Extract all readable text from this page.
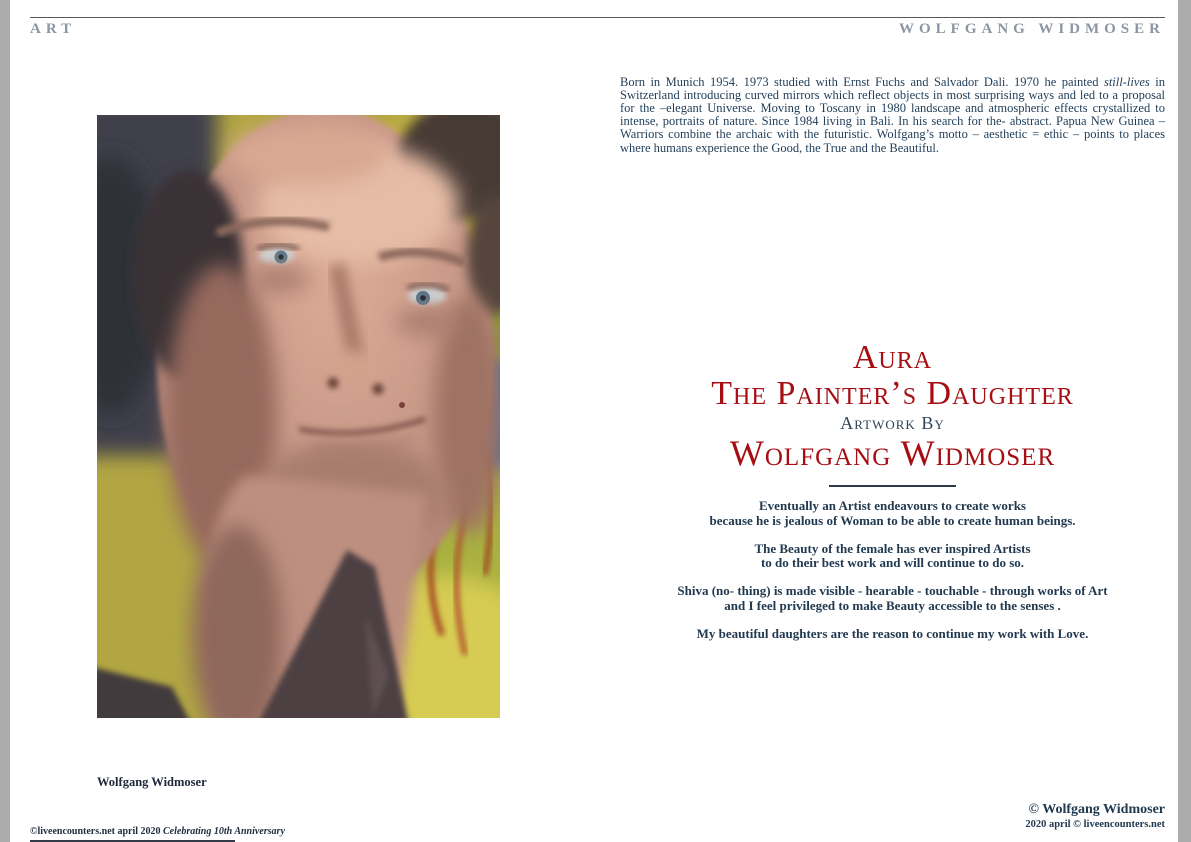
ART	WOLFGANG WIDMOSER
Wolfgang Widmoser

Born in Munich 1954. 1973 studied with Ernst Fuchs and Salvador Dali. 1970 he painted still-lives in Switzerland introducing curved mirrors which reflect objects in most surprising ways and led to a proposal for the –elegant Universe. Moving to Toscany in 1980 landscape and atmospheric effects crystallized to intense, portraits of nature. Since 1984 living in Bali. In his search for the- abstract. Papua New Guinea – Warriors combine the archaic with the futuristic. Wolfgang’s motto – aesthetic = ethic – points to places where humans experience the Good, the True and the Beautiful.

Aura
The Painter’s Daughter
Artwork By
Wolfgang Widmoser
Eventually an Artist endeavours to create works
because he is jealous of Woman to be able to create human beings.
The Beauty of the female has ever inspired Artists
to do their best work and will continue to do so.
Shiva (no- thing) is made visible - hearable - touchable - through works of Art
and I feel privileged to make Beauty accessible to the senses .
My beautiful daughters are the reason to continue my work with Love.
©liveencounters.net april 2020 Celebrating 10th Anniversary
© Wolfgang Widmoser
2020 april © liveencounters.net
